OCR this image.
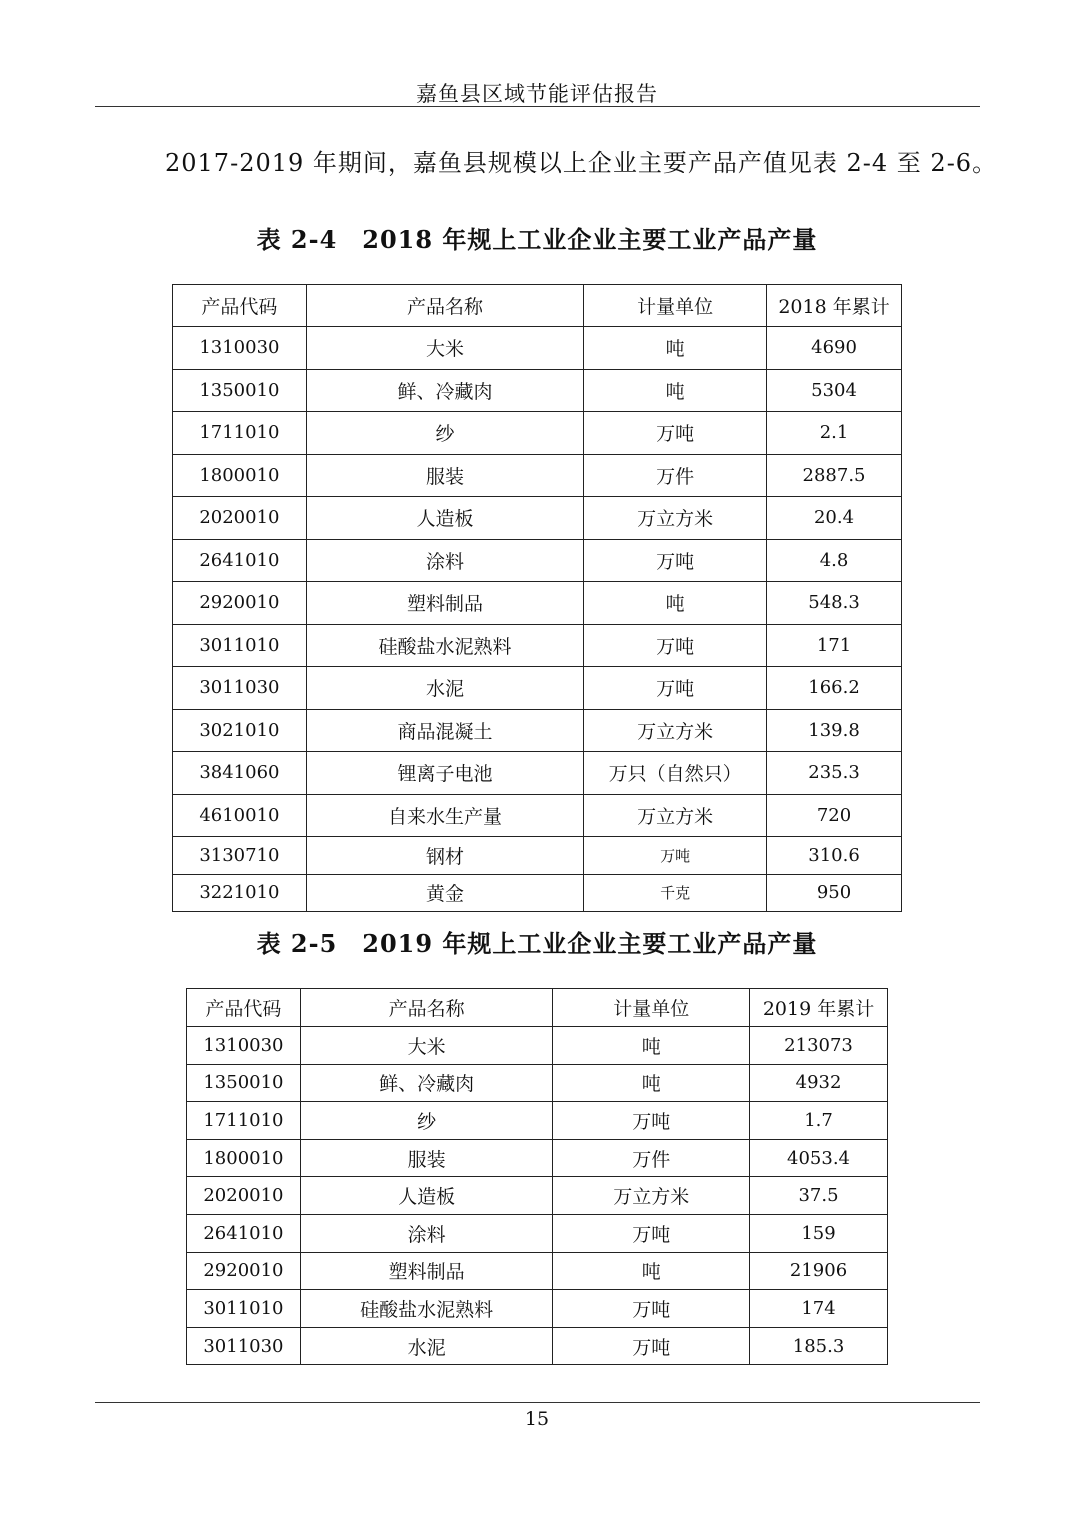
嘉鱼县区域节能评估报告
2017-2019 年期间，嘉鱼县规模以上企业主要产品产值见表 2-4 至 2-6。
表 2-4　2018 年规上工业企业主要工业产品产量
产品代码	产品名称	计量单位	2018 年累计
1310030	大米	吨	4690
1350010	鲜、冷藏肉	吨	5304
1711010	纱	万吨	2.1
1800010	服装	万件	2887.5
2020010	人造板	万立方米	20.4
2641010	涂料	万吨	4.8
2920010	塑料制品	吨	548.3
3011010	硅酸盐水泥熟料	万吨	171
3011030	水泥	万吨	166.2
3021010	商品混凝土	万立方米	139.8
3841060	锂离子电池	万只（自然只）	235.3
4610010	自来水生产量	万立方米	720
3130710	钢材	万吨	310.6
3221010	黄金	千克	950
表 2-5　2019 年规上工业企业主要工业产品产量
产品代码	产品名称	计量单位	2019 年累计
1310030	大米	吨	213073
1350010	鲜、冷藏肉	吨	4932
1711010	纱	万吨	1.7
1800010	服装	万件	4053.4
2020010	人造板	万立方米	37.5
2641010	涂料	万吨	159
2920010	塑料制品	吨	21906
3011010	硅酸盐水泥熟料	万吨	174
3011030	水泥	万吨	185.3
15
